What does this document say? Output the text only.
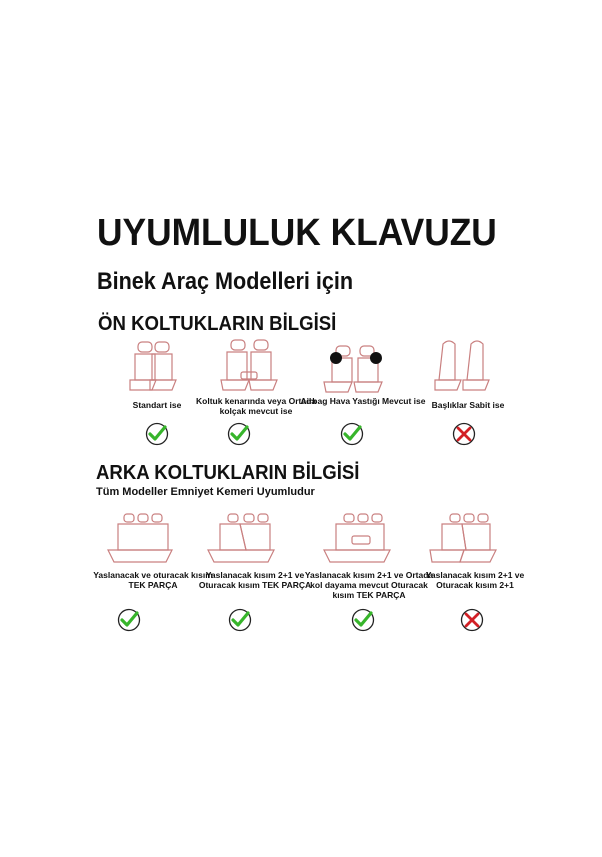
UYUMLULUK KLAVUZU
Binek Araç Modelleri için
ÖN KOLTUKLARIN BİLGİSİ
Standart ise	Koltuk kenarında veya Ortada kolçak mevcut ise
Airbag Hava Yastığı Mevcut ise Başlıklar Sabit ise
ARKA KOLTUKLARIN BİLGİSİ
Tüm Modeller Emniyet Kemeri Uyumludur
Yaslanacak ve oturacak kısım TEK PARÇA
Yaslanacak kısım 2+1 ve Oturacak kısım TEK PARÇA
Yaslanacak kısım 2+1 ve Ortada kol dayama mevcut Oturacak kısım TEK PARÇA
Yaslanacak kısım 2+1 ve Oturacak kısım 2+1
